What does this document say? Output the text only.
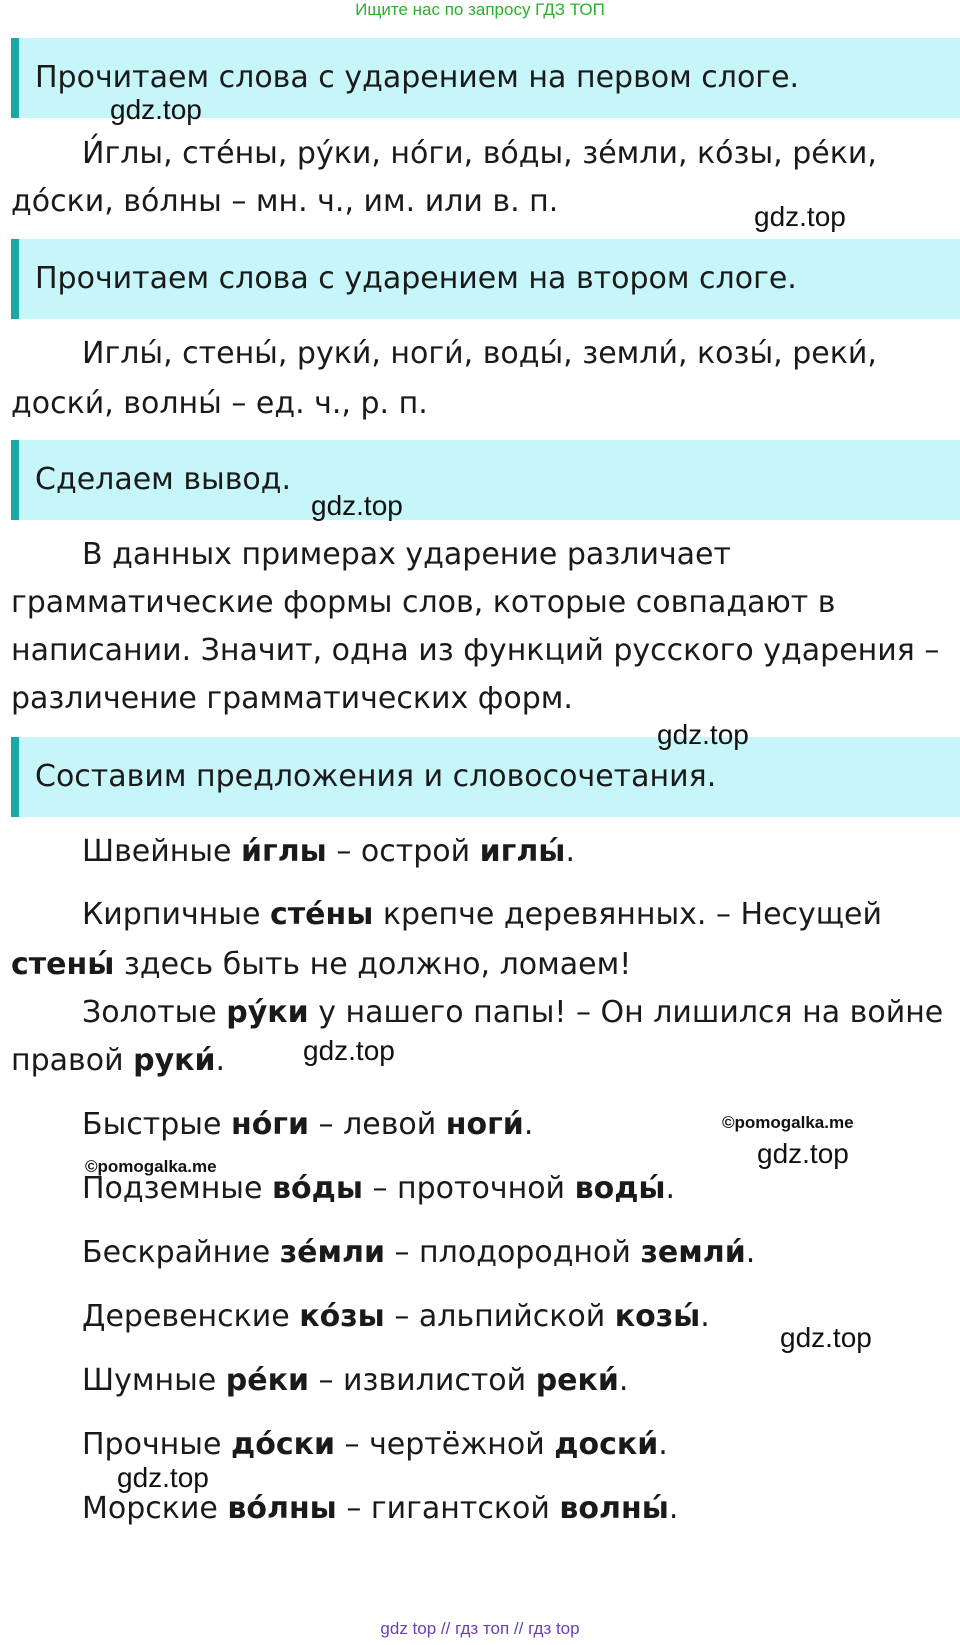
Ищите нас по запросу ГДЗ ТОП
Прочитаем слова с ударением на первом слоге.
И́глы, сте́ны, ру́ки, но́ги, во́ды, зе́мли, ко́зы, ре́ки,
до́ски, во́лны – мн. ч., им. или в. п.
Прочитаем слова с ударением на втором слоге.
Иглы́, стены́, руки́, ноги́, воды́, земли́, козы́, реки́,
доски́, волны́ – ед. ч., р. п.
Сделаем вывод.
В данных примерах ударение различает
грамматические формы слов, которые совпадают в
написании. Значит, одна из функций русского ударения –
различение грамматических форм.
Составим предложения и словосочетания.
Швейные и́глы – острой иглы́.
Кирпичные сте́ны крепче деревянных. – Несущей
стены́ здесь быть не должно, ломаем!
Золотые ру́ки у нашего папы! – Он лишился на войне
правой руки́.
Быстрые но́ги – левой ноги́.
Подземные во́ды – проточной воды́.
Бескрайние зе́мли – плодородной земли́.
Деревенские ко́зы – альпийской козы́.
Шумные ре́ки – извилистой реки́.
Прочные до́ски – чертёжной доски́.
Морские во́лны – гигантской волны́.
gdz.top
gdz.top
gdz.top
gdz.top
gdz.top
gdz.top
gdz.top
gdz.top
©pomogalka.me
©pomogalka.me
gdz top // гдз топ // гдз top
